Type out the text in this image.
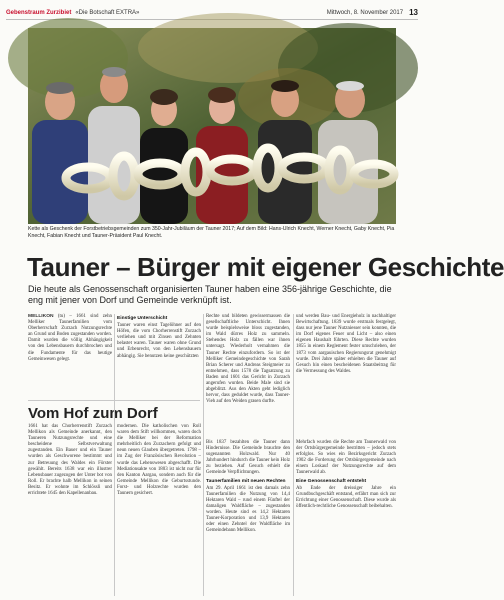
Gebenstraum Zurzibiet «Die Botschaft EXTRA»	Mittwoch, 8. November 2017 13
Kette als Geschenk der Forstbetriebsgemeinden zum 350-Jahr-Jubiläum der Tauner 2017; Auf dem Bild: Hans-Ulrich Knecht, Werner Knecht, Gaby Knecht, Pia Knecht, Fabian Knecht und Tauner-Präsident Paul Knecht.
Tauner – Bürger mit eigener Geschichte
Die heute als Genossenschaft organisierten Tauner haben eine 356-jährige Geschichte, die eng mit jener von Dorf und Gemeinde verknüpft ist.

MELLIKON (tu) – 1661 sind zehn Melliker Taunerfamilien vom Oberherrschaft Zurzach Nutzungsrechte an Grund und Boden zugestanden worden. Damit wurden die völlig Abhängigkeit von den Lebensbauern durchbrochen und die Fundamente für das heutige Gemeinwesen gelegt.

Einstige Unterschicht

Tauner waren einst Tagelöhner auf den Höfen, die vom Chorherrenstift Zurzach verliehen und mit Zinsen und Zehnten belastet waren. Tauner waren ohne Grund und Erbenrecht, von den Lehensbauern abhängig. Sie benutzen keine geschützten

Rechte und bildeten gewissermassen die gesellschaftliche Unterschicht. Ihnen wurde beispielsweise bloss zugestanden, im Wald dürres Holz zu sammeln. Stehendes Holz zu fällen war ihnen untersagt. Wiederholt vernahmen die Tauner Rechte einzufordern. So ist der Melliker Gemeindegeschichte von Sarah Brian Scherer und Andreas Steigmeier zu entnehmen, dass 1578 die Tagsatzung zu Baden und 1601 das Gericht in Zurzach angerufen wurden. Beide Male sind sie abgeblitzt. Aus den Akten geht lediglich hervor, dass geduldet wurde, dass Tauner-Vieh auf den Weiden grasen durfte.

und werden Bau- und Energieholz in nachhaltiger Bewirtschaftung. 1839 wurde erstmals festgelegt, dass nur jene Tauner Nutzniesser sein konnten, die im Dorf eigenes Feuer und Licht – also einen eigenen Haushalt führten. Diese Rechte wurden 1855 in einem Reglement fester umschrieben, der 1873 vom aargauischen Regierungsrat genehmigt wurde. Drei Jahre später erhielten die Tauner auf Gesuch hin einen bescheidenen Staatsbeitrag für die Vermessung des Waldes.

Vom Hof zum Dorf

1661 hat das Chorherrenstift Zurzach Mellikon als Gemeinde anerkannt, den Tauneren Nutzungsrechte und eine bescheidene Selbstverwaltung zugestanden. Ein Bauer und ein Tauner wurden als Geschworene bestimmt und zur Betreuung des Waldes ein Förster gewählt. Bereits 1638 war ein illustrer Lebensbauer zugezogen der Unter bot von Roll. Er brachte halb Mellikon in seinen Besitz. Er wohnte im Schlössli und errichtete 1645 den Kapellenanbau.

modernen. Die katholischen von Roll waren dem Stift willkommen, waren doch die Melliker bei der Reformation mehrheitlich den Zurzachern gefolgt und neun neuen Glauben übergetreten. 1798 – im Zug der Französischen Revolution – wurde das Lehenswesen abgeschafft. Die Mediationsakte von 1803 ist nicht nur für den Kanton Aargau, sondern auch für die Gemeinde Mellikon die Geburtsstunde. Forst- und Holzrechte wurden den Taunern gesichert.

Bis 1837 bezahlten die Tauner dann Hindernisse. Die Gemeinde brauchte den sogenannten Holzwald. Nur 40 Jahrhundert hindurch die Tauner kein Holz zu beziehen. Auf Gesuch erhielt die Gemeinde Verpflichtungen.

Taunerfamilien mit neuen Rechten

Am 29. April 1661 ist den damals zehn Taunerfamilien die Nutzung von 14,4 Hektaren Wald – rund einem Fünftel der damaligen Waldfläche – zugestanden worden. Heute sind es 14,2 Hektaren Tauner-Korporation und 13,9 Hektaren oder einen Zehntel der Waldfläche im Gemeindebann Mellikon.

Mehrfach wurden die Rechte am Taunerwald von der Ortsbürgergemeinde bestritten – jedoch stets erfolglos. So wies ein Bezirksgericht Zurzach 1902 die Forderung der Ortsbürgergemeinde nach einem Loskauf der Nutzungsrechte auf dem Taunerwald ab.

Eine Genossenschaft entsteht

Ab Ende der dreissiger Jahre ein Grundbuchgeschäft entstand, erfährt man sich zur Errichtung einer Genossenschaft. Diese wurde als öffentlich-rechtliche Genossenschaft beibehalten.
